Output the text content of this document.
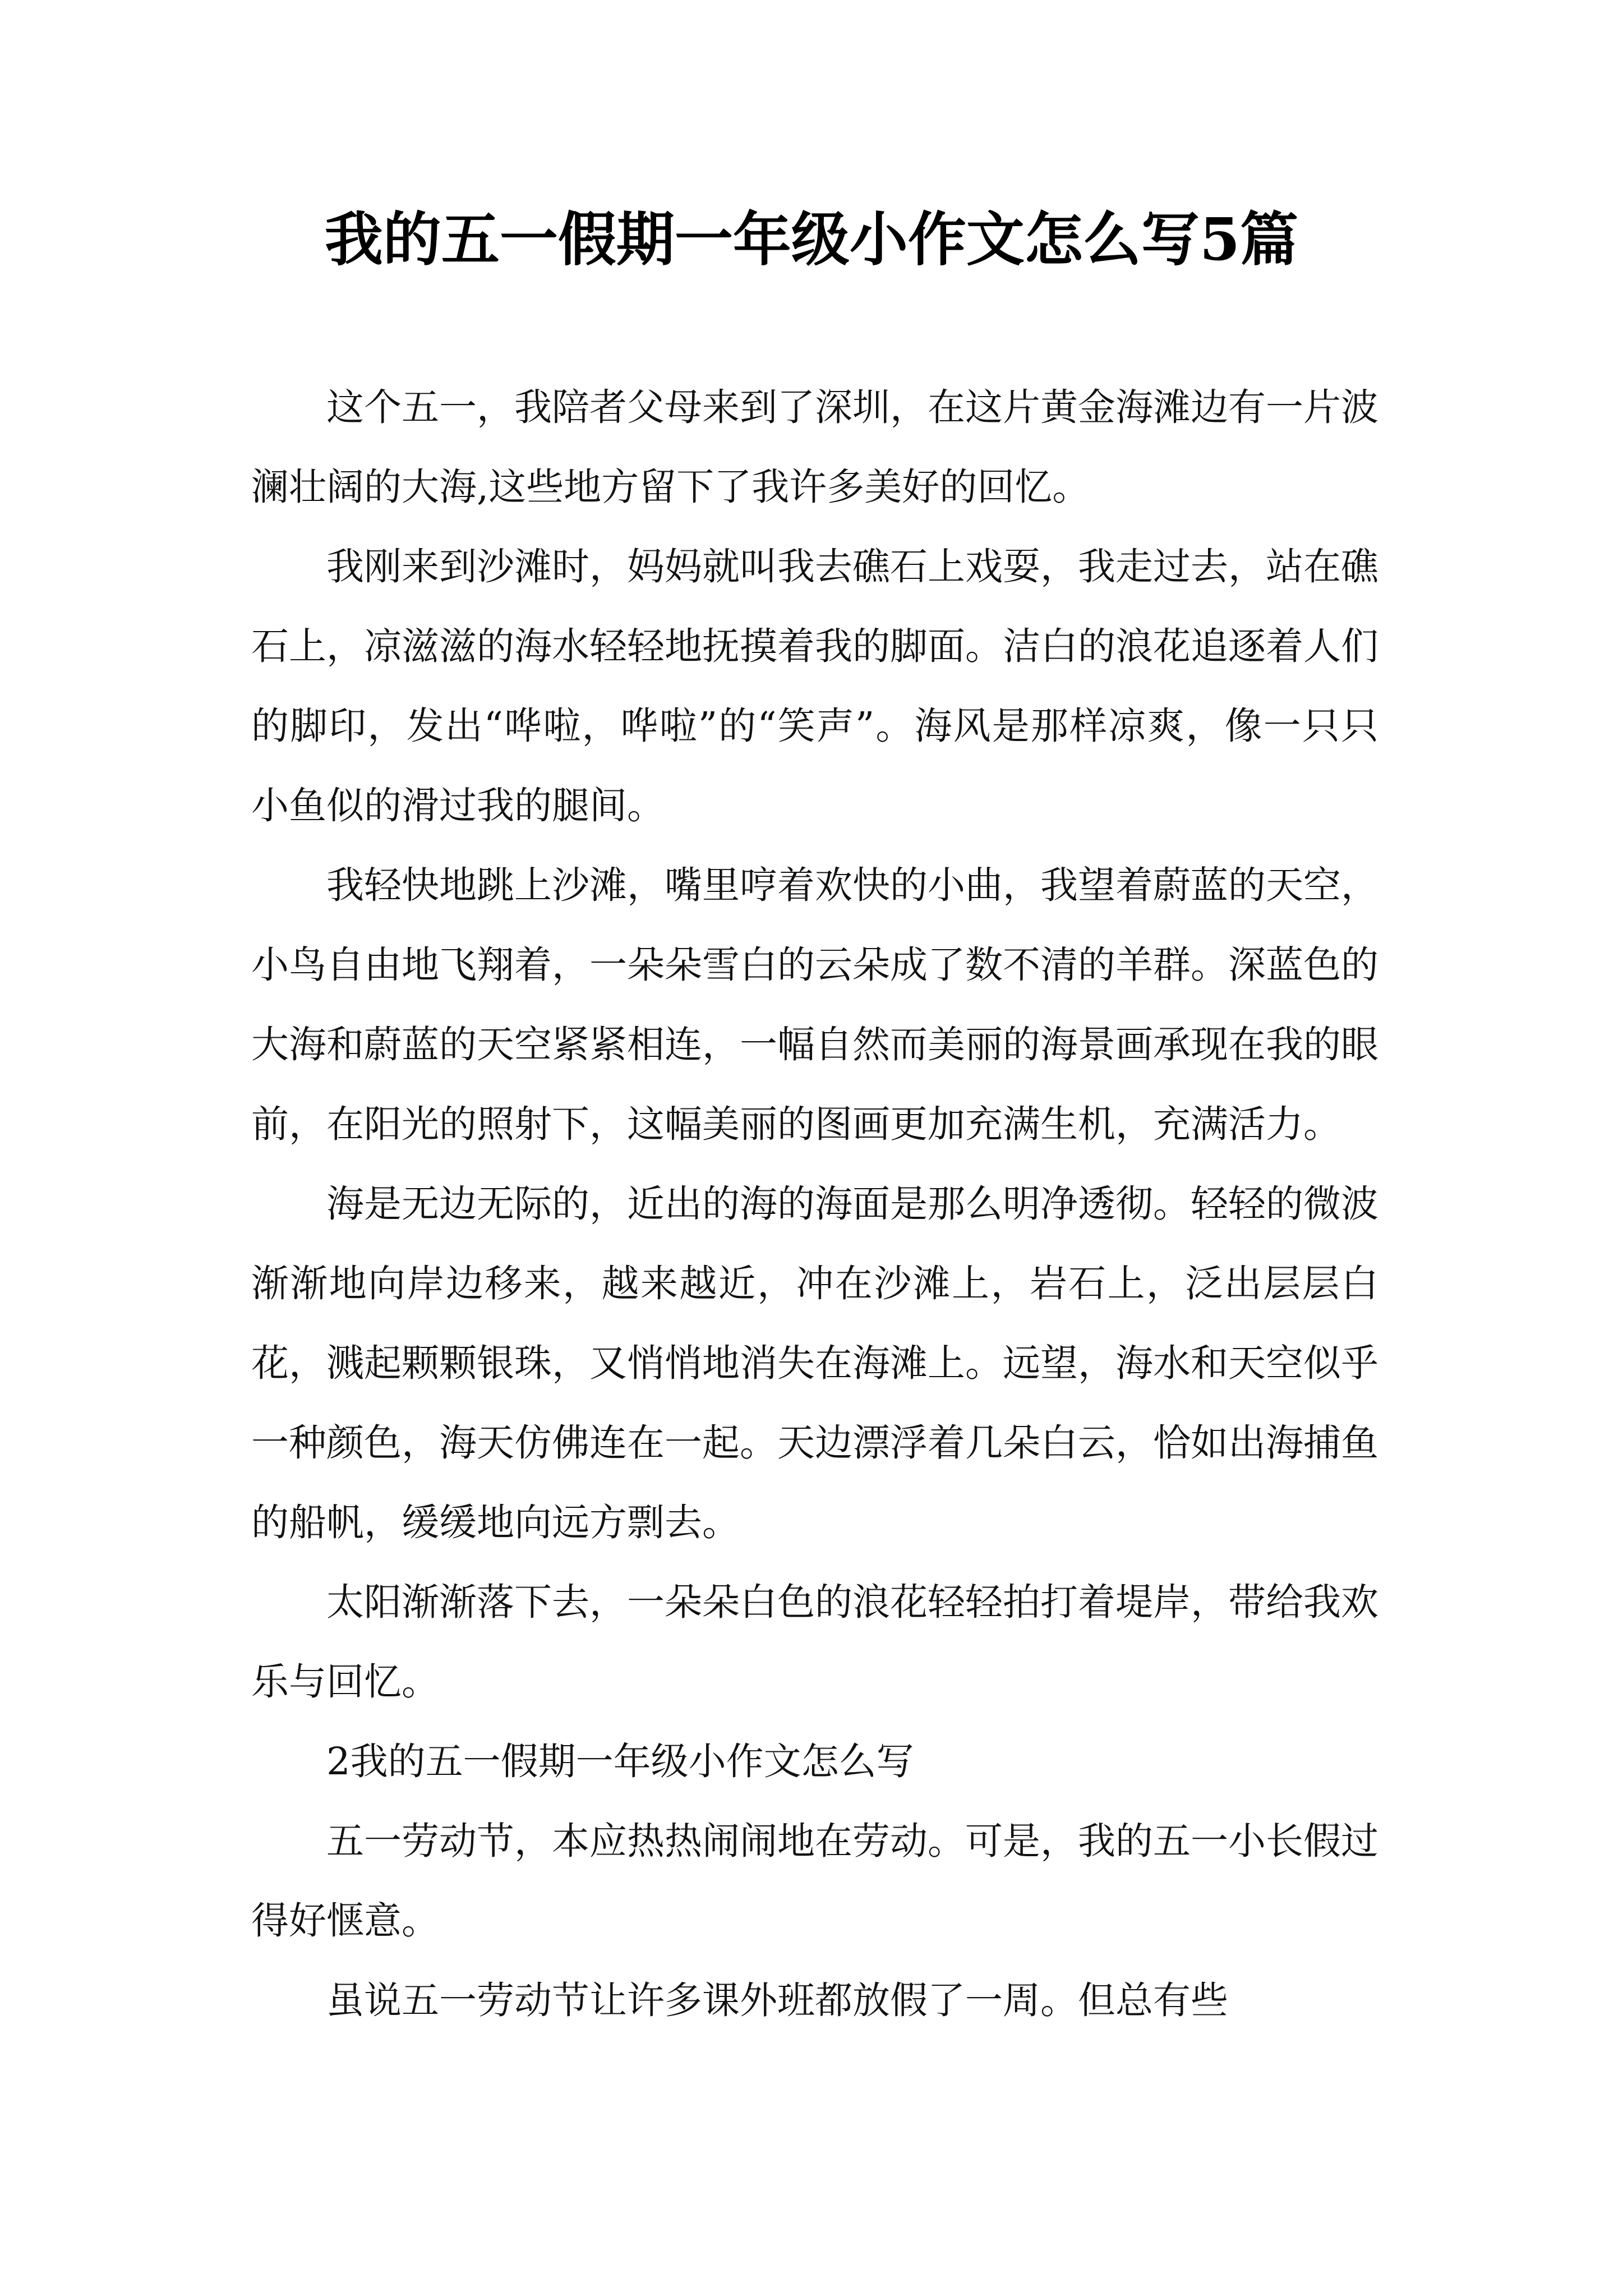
我的五一假期一年级小作文怎么写5篇

这个五一，我陪者父母来到了深圳，在这片黄金海滩边有一片波澜壮阔的大海,这些地方留下了我许多美好的回忆。

我刚来到沙滩时，妈妈就叫我去礁石上戏耍，我走过去，站在礁石上，凉滋滋的海水轻轻地抚摸着我的脚面。洁白的浪花追逐着人们的脚印，发出“哗啦，哗啦”的“笑声”。海风是那样凉爽，像一只只小鱼似的滑过我的腿间。

我轻快地跳上沙滩，嘴里哼着欢快的小曲，我望着蔚蓝的天空，小鸟自由地飞翔着，一朵朵雪白的云朵成了数不清的羊群。深蓝色的大海和蔚蓝的天空紧紧相连，一幅自然而美丽的海景画承现在我的眼前，在阳光的照射下，这幅美丽的图画更加充满生机，充满活力。

海是无边无际的，近出的海的海面是那么明净透彻。轻轻的微波渐渐地向岸边移来，越来越近，冲在沙滩上，岩石上，泛出层层白花，溅起颗颗银珠，又悄悄地消失在海滩上。远望，海水和天空似乎一种颜色，海天仿佛连在一起。天边漂浮着几朵白云，恰如出海捕鱼的船帆，缓缓地向远方剽去。

太阳渐渐落下去，一朵朵白色的浪花轻轻拍打着堤岸，带给我欢乐与回忆。

2我的五一假期一年级小作文怎么写

五一劳动节，本应热热闹闹地在劳动。可是，我的五一小长假过得好惬意。

虽说五一劳动节让许多课外班都放假了一周。但总有些
